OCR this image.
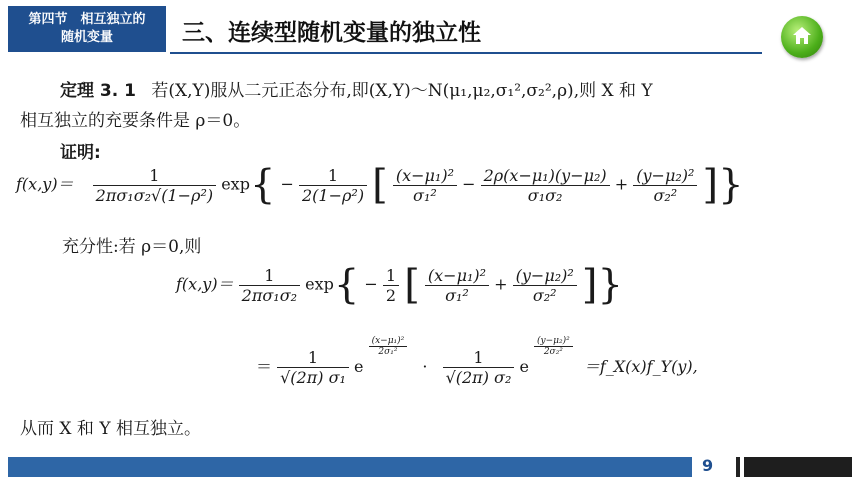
第四节　相互独立的
随机变量	三、连续型随机变量的独立性
定理 3. 1 若(X,Y)服从二元正态分布,即(X,Y)～N(μ₁,μ₂,σ₁²,σ₂²,ρ),则 X 和 Y
相互独立的充要条件是 ρ＝0。
证明:
$f(x,y)= \frac{1}{\text{2πσ₁σ₂√(1−ρ²)}} \exp\{ - \frac{1}{\text{2(1−ρ²)}}$ [ $\frac{\text{(x−μ₁)²}}{\text{σ₁²}} - \frac{\text{2ρ(x−μ₁)(y−μ₂)}}{\text{σ₁σ₂}} + \frac{\text{(y−μ₂)²}}{\text{σ₂²}}$ ]}
充分性:若 ρ＝0,则
$f(x,y)= \frac{1}{\text{2πσ₁σ₂}} \exp\{ - \frac{1}{2}$ [ $\frac{\text{(x−μ₁)²}}{\text{σ₁²}} + \frac{\text{(y−μ₂)²}}{\text{σ₂²}}$ ]}
＝ $\frac{1}{\text{√(2π) σ₁}}$ e
$\frac{\text{(x−μ₁)²}}{\text{2σ₁²}}$
· $\frac{1}{\text{√(2π) σ₂}}$ e
$\frac{\text{(y−μ₂)²}}{\text{2σ₂²}}$
＝f_X(x)f_Y(y),
从而 X 和 Y 相互独立。
9
